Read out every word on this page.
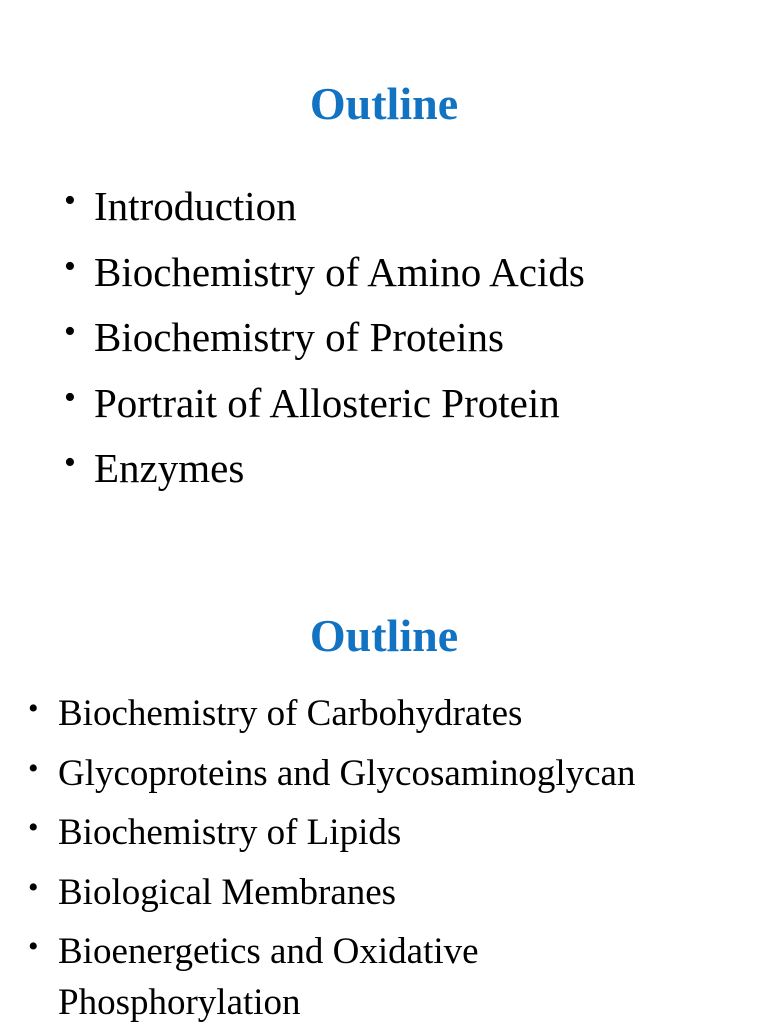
Outline
• Introduction
• Biochemistry of Amino Acids
• Biochemistry of Proteins
• Portrait of Allosteric Protein
• Enzymes
Outline
• Biochemistry of Carbohydrates
• Glycoproteins and Glycosaminoglycan
• Biochemistry of Lipids
• Biological Membranes
• Bioenergetics and Oxidative Phosphorylation
